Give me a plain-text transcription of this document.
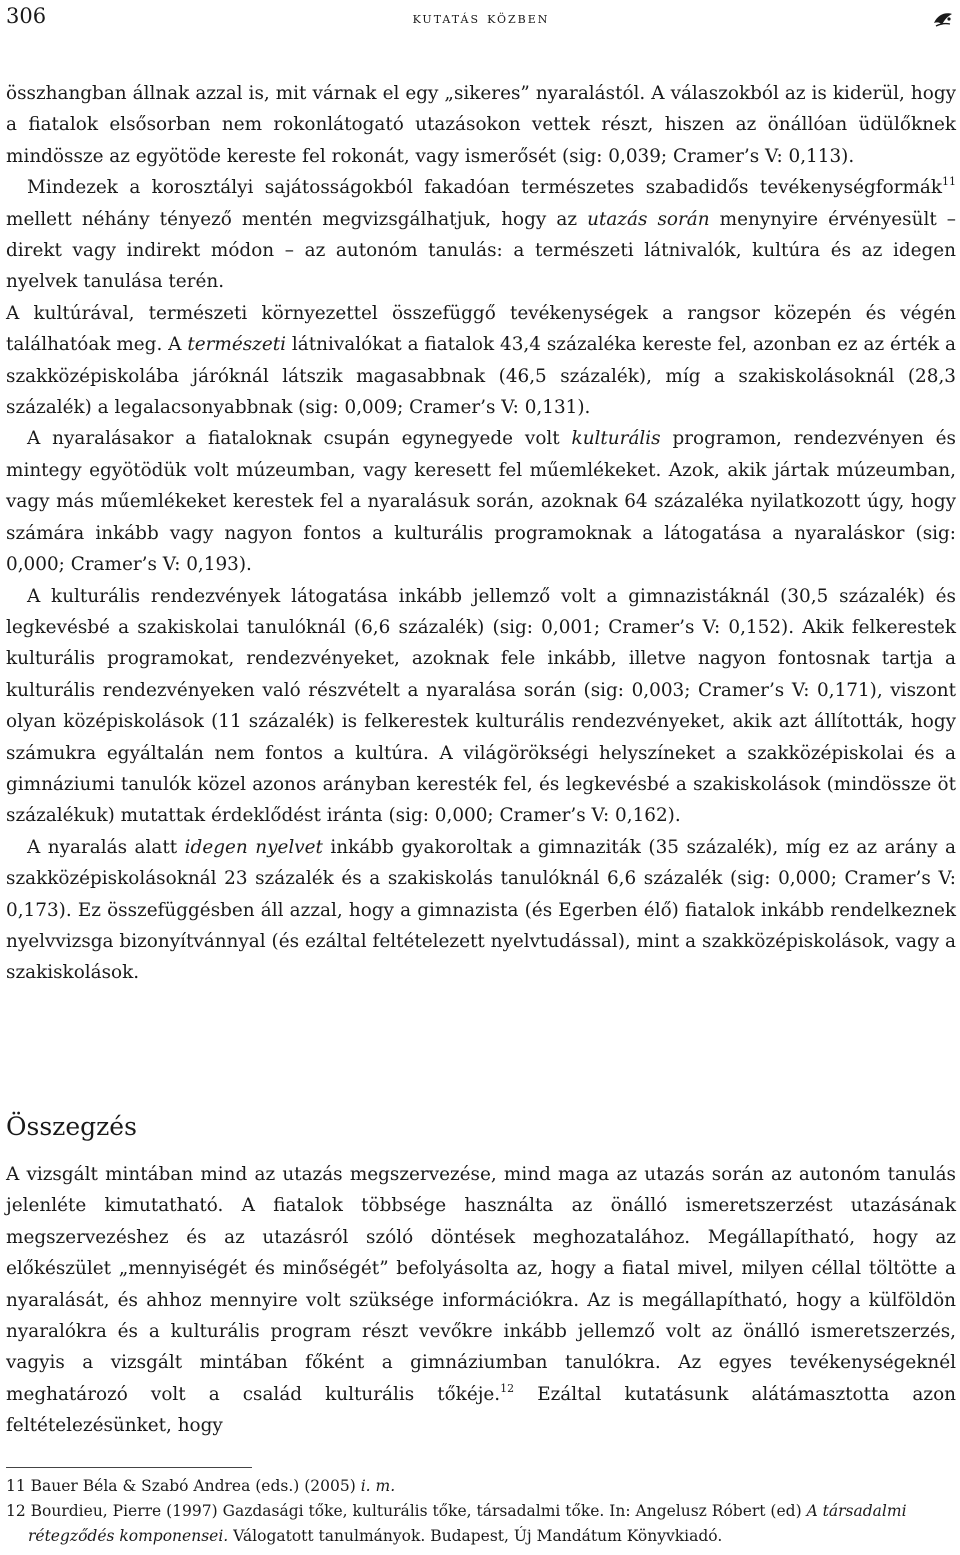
306	kutatás közben

összhangban állnak azzal is, mit várnak el egy „sikeres” nyaralástól. A válaszokból az is kiderül, hogy a fiatalok elsősorban nem rokonlátogató utazásokon vettek részt, hiszen az önállóan üdülőknek mindössze az egyötöde kereste fel rokonát, vagy ismerősét (sig: 0,039; Cramer’s V: 0,113).

Mindezek a korosztályi sajátosságokból fakadóan természetes szabadidős tevékenységformák$^{11}$ mellett néhány tényező mentén megvizsgálhatjuk, hogy az utazás során menynyire érvényesült – direkt vagy indirekt módon – az autonóm tanulás: a természeti látnivalók, kultúra és az idegen nyelvek tanulása terén.

A kultúrával, természeti környezettel összefüggő tevékenységek a rangsor közepén és végén találhatóak meg. A természeti látnivalókat a fiatalok 43,4 százaléka kereste fel, azonban ez az érték a szakközépiskolába járóknál látszik magasabbnak (46,5 százalék), míg a szakiskolásoknál (28,3 százalék) a legalacsonyabbnak (sig: 0,009; Cramer’s V: 0,131).

A nyaralásakor a fiataloknak csupán egynegyede volt kulturális programon, rendezvényen és mintegy egyötödük volt múzeumban, vagy keresett fel műemlékeket. Azok, akik jártak múzeumban, vagy más műemlékeket kerestek fel a nyaralásuk során, azoknak 64 százaléka nyilatkozott úgy, hogy számára inkább vagy nagyon fontos a kulturális programoknak a látogatása a nyaraláskor (sig: 0,000; Cramer’s V: 0,193).

A kulturális rendezvények látogatása inkább jellemző volt a gimnazistáknál (30,5 százalék) és legkevésbé a szakiskolai tanulóknál (6,6 százalék) (sig: 0,001; Cramer’s V: 0,152). Akik felkerestek kulturális programokat, rendezvényeket, azoknak fele inkább, illetve nagyon fontosnak tartja a kulturális rendezvényeken való részvételt a nyaralása során (sig: 0,003; Cramer’s V: 0,171), viszont olyan középiskolások (11 százalék) is felkerestek kulturális rendezvényeket, akik azt állították, hogy számukra egyáltalán nem fontos a kultúra. A világörökségi helyszíneket a szakközépiskolai és a gimnáziumi tanulók közel azonos arányban keresték fel, és legkevésbé a szakiskolások (mindössze öt százalékuk) mutattak érdeklődést iránta (sig: 0,000; Cramer’s V: 0,162).

A nyaralás alatt idegen nyelvet inkább gyakoroltak a gimnaziták (35 százalék), míg ez az arány a szakközépiskolásoknál 23 százalék és a szakiskolás tanulóknál 6,6 százalék (sig: 0,000; Cramer’s V: 0,173). Ez összefüggésben áll azzal, hogy a gimnazista (és Egerben élő) fiatalok inkább rendelkeznek nyelvvizsga bizonyítvánnyal (és ezáltal feltételezett nyelvtudással), mint a szakközépiskolások, vagy a szakiskolások.

Összegzés

A vizsgált mintában mind az utazás megszervezése, mind maga az utazás során az autonóm tanulás jelenléte kimutatható. A fiatalok többsége használta az önálló ismeretszerzést utazásának megszervezéshez és az utazásról szóló döntések meghozatalához. Megállapítható, hogy az előkészület „mennyiségét és minőségét” befolyásolta az, hogy a fiatal mivel, milyen céllal töltötte a nyaralását, és ahhoz mennyire volt szüksége információkra. Az is megállapítható, hogy a külföldön nyaralókra és a kulturális program részt vevőkre inkább jellemző volt az önálló ismeretszerzés, vagyis a vizsgált mintában főként a gimnáziumban tanulókra. Az egyes tevékenységeknél meghatározó volt a család kulturális tőkéje.$^{12}$ Ezáltal kutatásunk alátámasztotta azon feltételezésünket, hogy

11 Bauer Béla & Szabó Andrea (eds.) (2005) i. m.

12 Bourdieu, Pierre (1997) Gazdasági tőke, kulturális tőke, társadalmi tőke. In: Angelusz Róbert (ed) A társadalmi rétegződés komponensei. Válogatott tanulmányok. Budapest, Új Mandátum Könyvkiadó.
